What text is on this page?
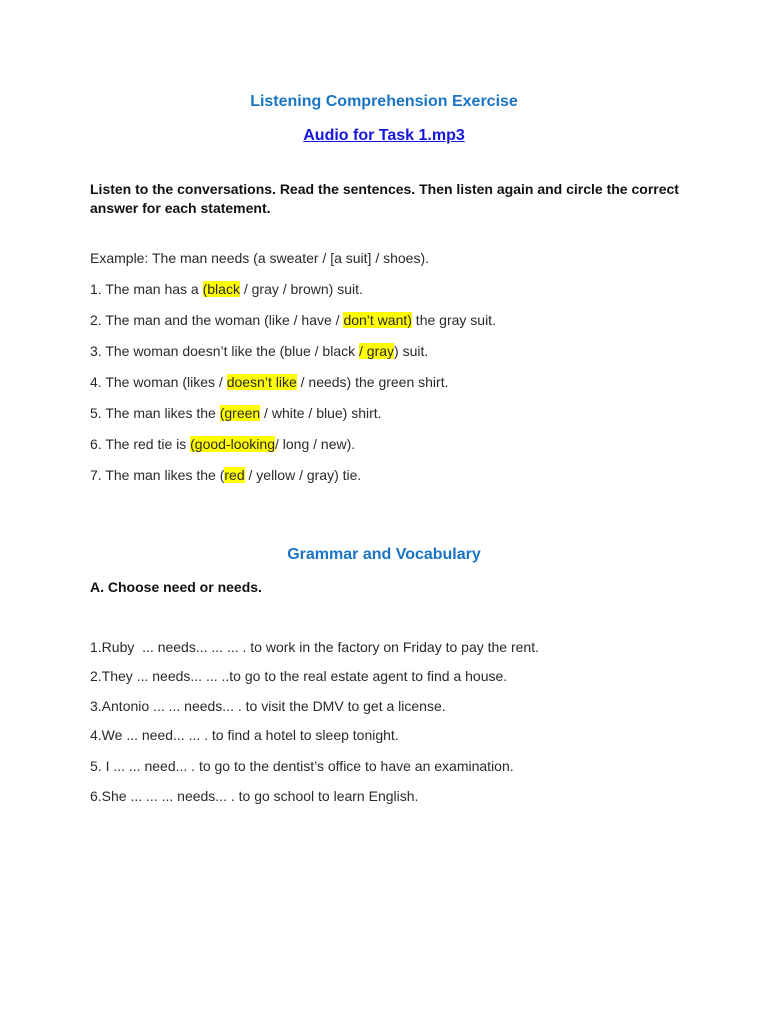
Listening Comprehension Exercise
Audio for Task 1.mp3
Listen to the conversations. Read the sentences. Then listen again and circle the correct answer for each statement.
Example: The man needs (a sweater / [a suit] / shoes).
1. The man has a (black / gray / brown) suit.
2. The man and the woman (like / have / don’t want) the gray suit.
3. The woman doesn’t like the (blue / black / gray) suit.
4. The woman (likes / doesn’t like / needs) the green shirt.
5. The man likes the (green / white / blue) shirt.
6. The red tie is (good-looking/ long / new).
7. The man likes the (red / yellow / gray) tie.
Grammar and Vocabulary
A. Choose need or needs.
1.Ruby  ... needs... ... ... . to work in the factory on Friday to pay the rent.
2.They ... needs... ... ..to go to the real estate agent to find a house.
3.Antonio ... ... needs... . to visit the DMV to get a license.
4.We ... need... ... . to find a hotel to sleep tonight.
5. I ... ... need... . to go to the dentist’s office to have an examination.
6.She ... ... ... needs... . to go school to learn English.
